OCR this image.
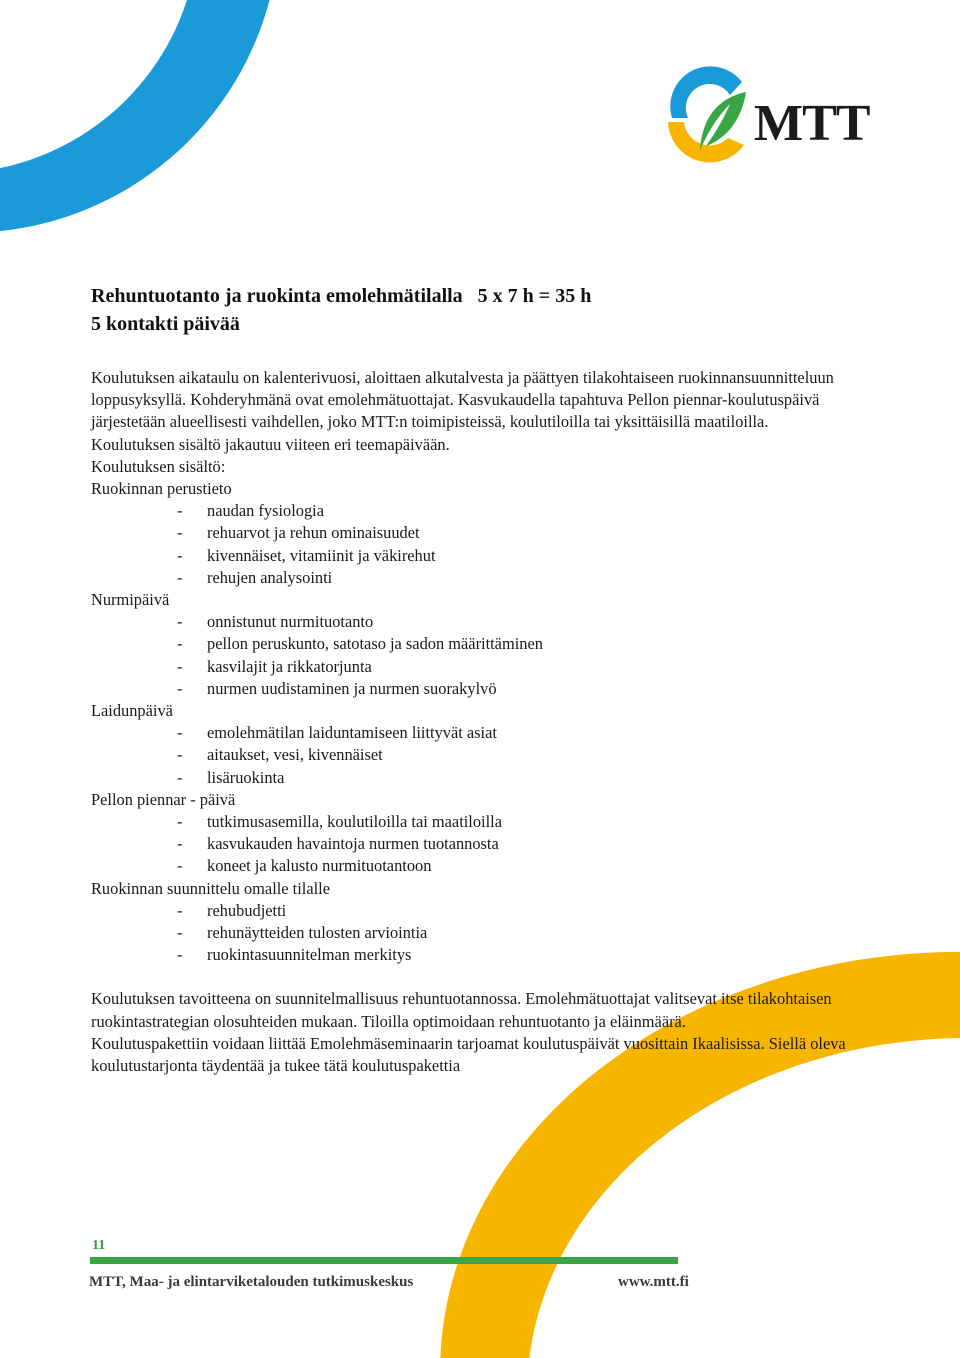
MTT
Rehuntuotanto ja ruokinta emolehmätilalla   5 x 7 h = 35 h
5 kontakti päivää

Koulutuksen aikataulu on kalenterivuosi, aloittaen alkutalvesta ja päättyen tilakohtaiseen ruokinnansuunnitteluun loppusyksyllä. Kohderyhmänä ovat emolehmätuottajat. Kasvukaudella tapahtuva Pellon piennar-koulutuspäivä järjestetään alueellisesti vaihdellen, joko MTT:n toimipisteissä, koulutiloilla tai yksittäisillä maatiloilla. Koulutuksen sisältö jakautuu viiteen eri teemapäivään.

Koulutuksen sisältö:

Ruokinnan perustieto

- naudan fysiologia
- rehuarvot ja rehun ominaisuudet
- kivennäiset, vitamiinit ja väkirehut
- rehujen analysointi

Nurmipäivä

- onnistunut nurmituotanto
- pellon peruskunto, satotaso ja sadon määrittäminen
- kasvilajit ja rikkatorjunta
- nurmen uudistaminen ja nurmen suorakylvö

Laidunpäivä

- emolehmätilan laiduntamiseen liittyvät asiat
- aitaukset, vesi, kivennäiset
- lisäruokinta

Pellon piennar - päivä

- tutkimusasemilla, koulutiloilla tai maatiloilla
- kasvukauden havaintoja nurmen tuotannosta
- koneet ja kalusto nurmituotantoon

Ruokinnan suunnittelu omalle tilalle

- rehubudjetti
- rehunäytteiden tulosten arviointia
- ruokintasuunnitelman merkitys

Koulutuksen tavoitteena on suunnitelmallisuus rehuntuotannossa. Emolehmätuottajat valitsevat itse tilakohtaisen ruokintastrategian olosuhteiden mukaan. Tiloilla optimoidaan rehuntuotanto ja eläinmäärä.

Koulutuspakettiin voidaan liittää Emolehmäseminaarin tarjoamat koulutuspäivät vuosittain Ikaalisissa. Siellä oleva koulutustarjonta täydentää ja tukee tätä koulutuspakettia

11
MTT, Maa- ja elintarviketalouden tutkimuskeskus	www.mtt.fi
